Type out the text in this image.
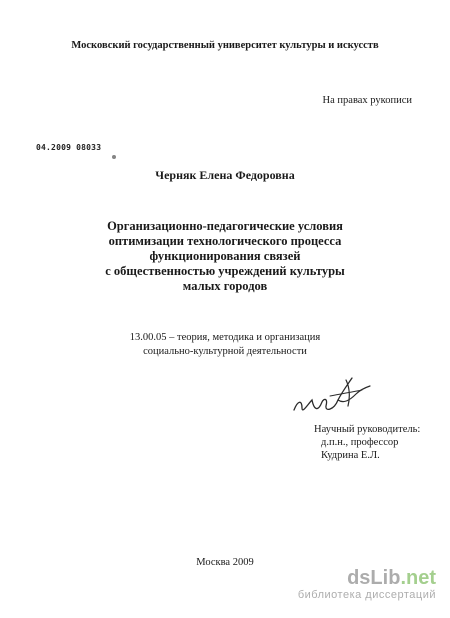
Московский государственный университет культуры и искусств
На правах рукописи
04.2009 08033
Черняк Елена Федоровна
Организационно-педагогические условия
оптимизации технологического процесса
функционирования связей
с общественностью учреждений культуры
малых городов
13.00.05 – теория, методика и организация
социально-культурной деятельности
Научный руководитель:
д.п.н., профессор
Кудрина Е.Л.
Москва 2009
dsLib.net
библиотека диссертаций
